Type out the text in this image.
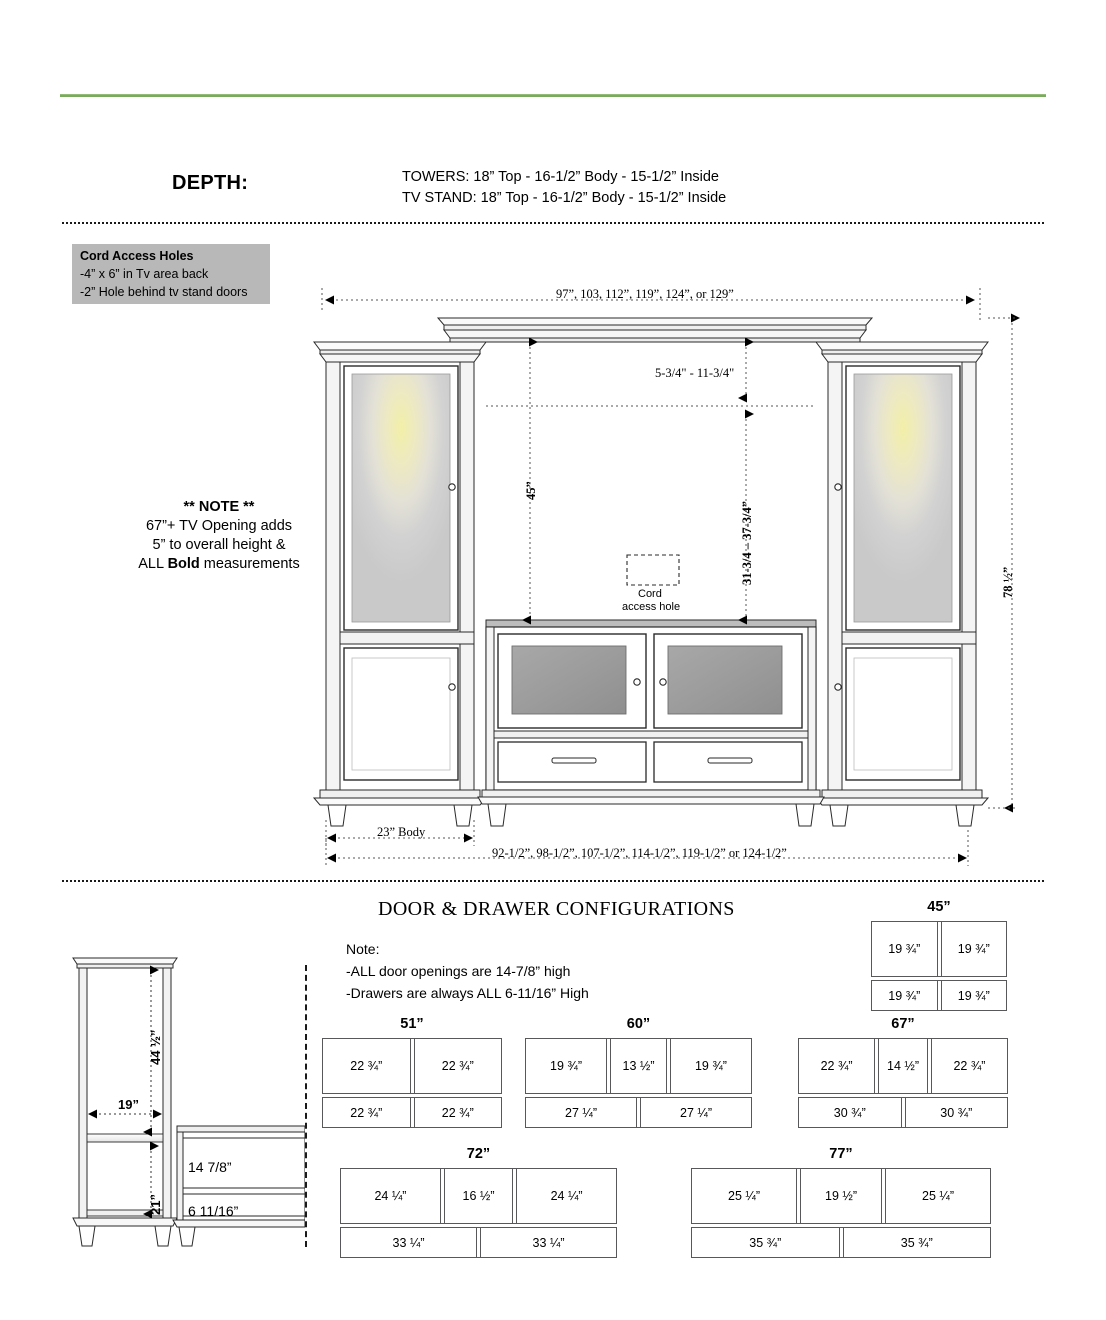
DEPTH:	TOWERS: 18” Top - 16-1/2” Body - 15-1/2” Inside
TV STAND: 18” Top - 16-1/2” Body - 15-1/2” Inside
Cord Access Holes
-4” x 6” in Tv area back
-2” Hole behind tv stand doors
** NOTE **
67”+ TV Opening adds
5” to overall height &
ALL Bold measurements
97”, 103, 112”, 119”, 124”, or 129”
5-3/4" - 11-3/4"
45”
31-3/4 – 37-3/4”	78 ½”
23” Body
92-1/2”, 98-1/2”, 107-1/2”, 114-1/2”, 119-1/2” or 124-1/2”
Cord
access hole
DOOR & DRAWER CONFIGURATIONS
Note:
-ALL door openings are 14-7/8” high
-Drawers are always ALL 6-11/16” High
44 ½”
19”
21”
14 7/8”
6 11/16”
45”
19 ¾”	19 ¾”
19 ¾”	19 ¾”
51”
22 ¾”	22 ¾”
22 ¾”	22 ¾”
60”
19 ¾”	13 ½”	19 ¾”
27 ¼”	27 ¼”
67”
22 ¾”	14 ½”	22 ¾”
30 ¾”	30 ¾”
72”
24 ¼”	16 ½”	24 ¼”
33 ¼”	33 ¼”
77”
25 ¼”	19 ½”	25 ¼”
35 ¾”	35 ¾”
